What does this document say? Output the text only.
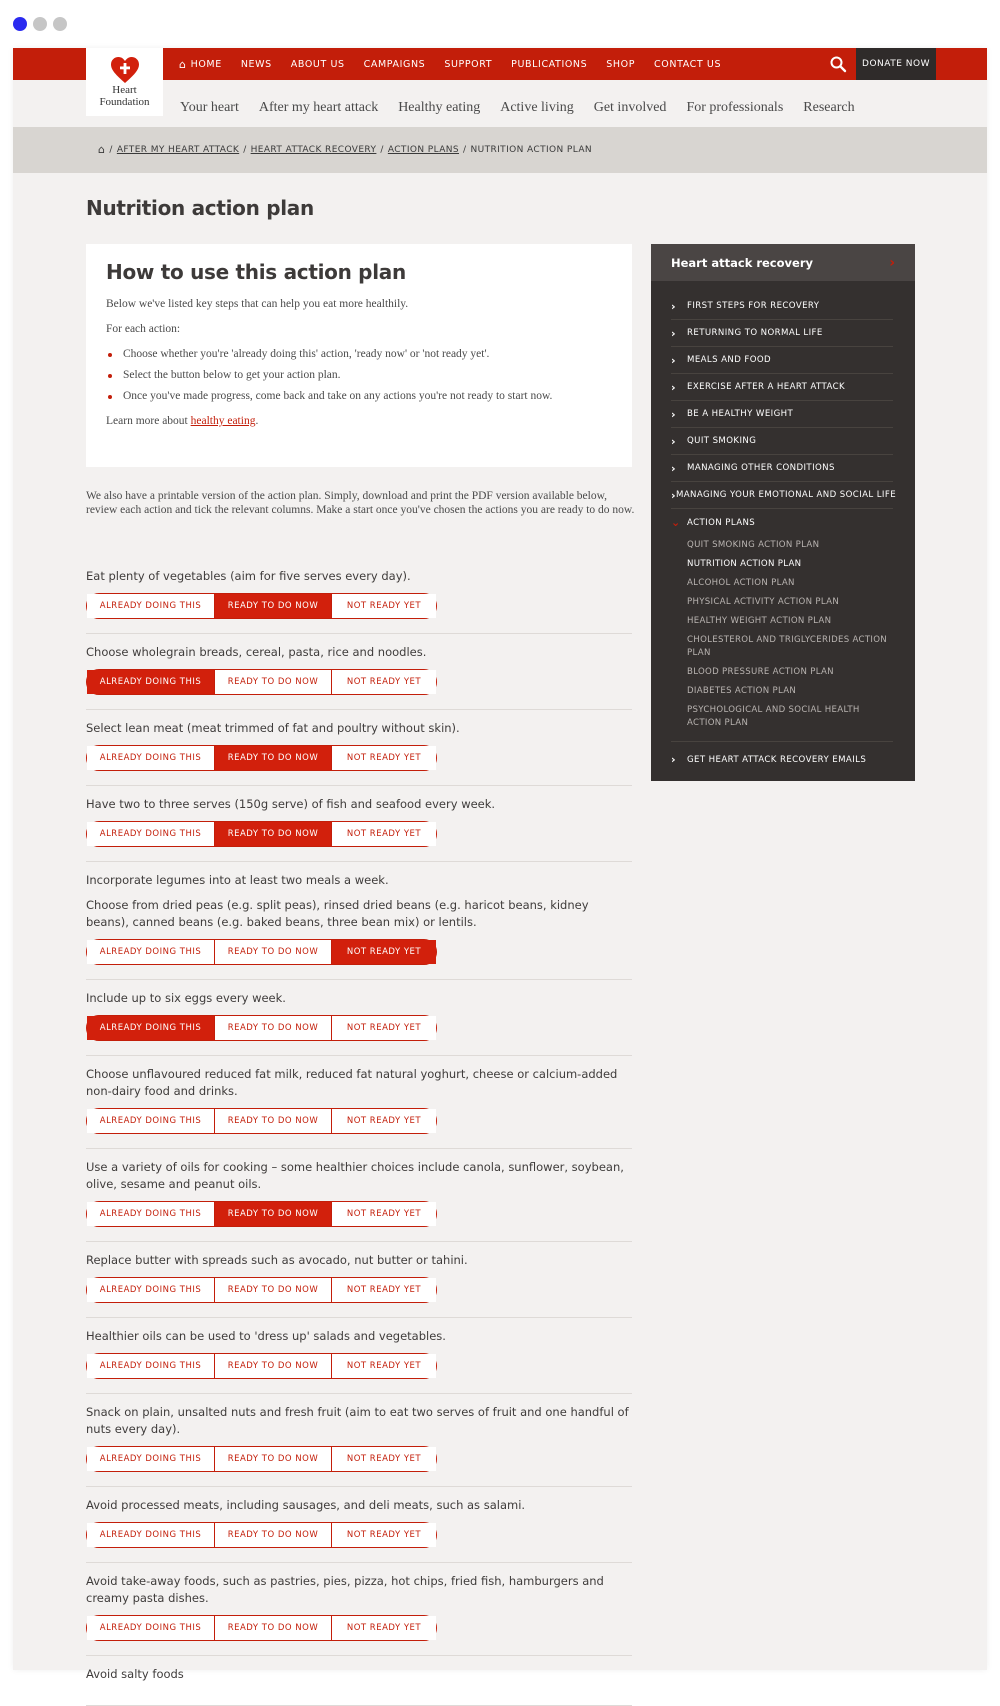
⌂ HOME NEWS ABOUT US CAMPAIGNS SUPPORT PUBLICATIONS SHOP CONTACT US	DONATE NOW
Heart
Foundation Your heart After my heart attack Healthy eating Active living Get involved For professionals Research
⌂ / AFTER MY HEART ATTACK / HEART ATTACK RECOVERY / ACTION PLANS / NUTRITION ACTION PLAN
Nutrition action plan
How to use this action plan

Below we've listed key steps that can help you eat more healthily.

For each action:

Choose whether you're 'already doing this' action, 'ready now' or 'not ready yet'.
Select the button below to get your action plan.
Once you've made progress, come back and take on any actions you're not ready to start now.

Learn more about healthy eating.

We also have a printable version of the action plan. Simply, download and print the PDF version available below, review each action and tick the relevant columns. Make a start once you've chosen the actions you are ready to do now.
Eat plenty of vegetables (aim for five serves every day).
ALREADY DOING THIS	READY TO DO NOW	NOT READY YET
Choose wholegrain breads, cereal, pasta, rice and noodles.
ALREADY DOING THIS	READY TO DO NOW	NOT READY YET
Select lean meat (meat trimmed of fat and poultry without skin).
ALREADY DOING THIS	READY TO DO NOW	NOT READY YET
Have two to three serves (150g serve) of fish and seafood every week.
ALREADY DOING THIS	READY TO DO NOW	NOT READY YET
Incorporate legumes into at least two meals a week.
Choose from dried peas (e.g. split peas), rinsed dried beans (e.g. haricot beans, kidney beans), canned beans (e.g. baked beans, three bean mix) or lentils.
ALREADY DOING THIS	READY TO DO NOW	NOT READY YET
Include up to six eggs every week.
ALREADY DOING THIS	READY TO DO NOW	NOT READY YET
Choose unflavoured reduced fat milk, reduced fat natural yoghurt, cheese or calcium-added non-dairy food and drinks.
ALREADY DOING THIS	READY TO DO NOW	NOT READY YET
Use a variety of oils for cooking – some healthier choices include canola, sunflower, soybean, olive, sesame and peanut oils.
ALREADY DOING THIS	READY TO DO NOW	NOT READY YET
Replace butter with spreads such as avocado, nut butter or tahini.
ALREADY DOING THIS	READY TO DO NOW	NOT READY YET
Healthier oils can be used to 'dress up' salads and vegetables.
ALREADY DOING THIS	READY TO DO NOW	NOT READY YET
Snack on plain, unsalted nuts and fresh fruit (aim to eat two serves of fruit and one handful of nuts every day).
ALREADY DOING THIS	READY TO DO NOW	NOT READY YET
Avoid processed meats, including sausages, and deli meats, such as salami.
ALREADY DOING THIS	READY TO DO NOW	NOT READY YET
Avoid take-away foods, such as pastries, pies, pizza, hot chips, fried fish, hamburgers and creamy pasta dishes.
ALREADY DOING THIS	READY TO DO NOW	NOT READY YET
Avoid salty foods
Heart attack recovery	›
›	FIRST STEPS FOR RECOVERY
›	RETURNING TO NORMAL LIFE
›	MEALS AND FOOD
›	EXERCISE AFTER A HEART ATTACK
›	BE A HEALTHY WEIGHT
›	QUIT SMOKING
›	MANAGING OTHER CONDITIONS
› MANAGING YOUR EMOTIONAL AND SOCIAL LIFE
⌄ ACTION PLANS
QUIT SMOKING ACTION PLAN
NUTRITION ACTION PLAN
ALCOHOL ACTION PLAN
PHYSICAL ACTIVITY ACTION PLAN
HEALTHY WEIGHT ACTION PLAN
CHOLESTEROL AND TRIGLYCERIDES ACTION PLAN
BLOOD PRESSURE ACTION PLAN
DIABETES ACTION PLAN
PSYCHOLOGICAL AND SOCIAL HEALTH ACTION PLAN
›	GET HEART ATTACK RECOVERY EMAILS
